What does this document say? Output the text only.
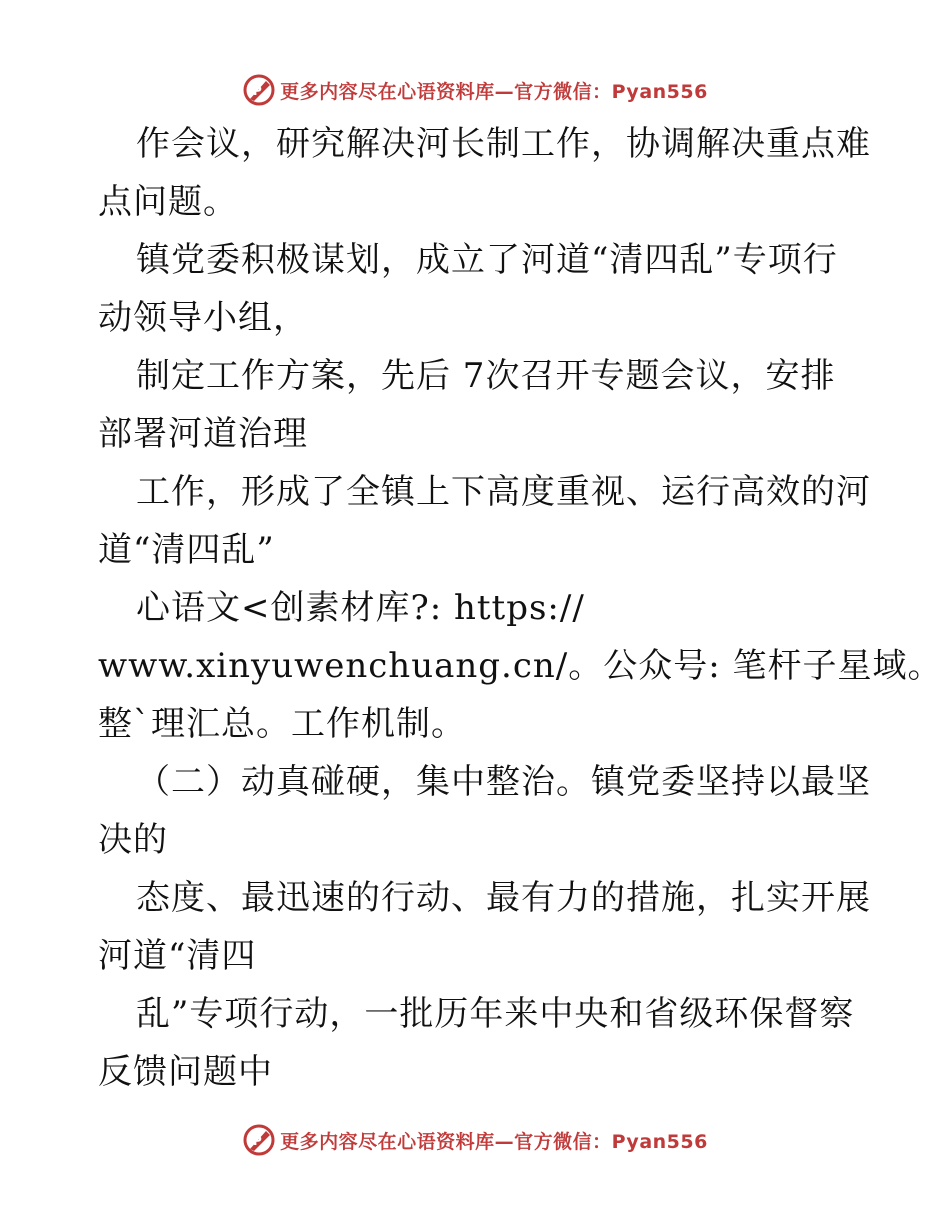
P 更多内容尽在心语资料库—官方微信：Pyan556
作会议，研究解决河长制工作，协调解决重点难
点问题。
镇党委积极谋划，成立了河道“清四乱”专项行
动领导小组，
制定工作方案，先后 7次召开专题会议，安排
部署河道治理
工作，形成了全镇上下高度重视、运行高效的河
道“清四乱”
心语文<创素材库?: https://
www.xinyuwenchuang.cn/。公众号: 笔杆子星域。
整`理汇总。工作机制。
（二）动真碰硬，集中整治。镇党委坚持以最坚
决的
态度、最迅速的行动、最有力的措施，扎实开展
河道“清四
乱”专项行动，一批历年来中央和省级环保督察
反馈问题中
P 更多内容尽在心语资料库—官方微信：Pyan556
